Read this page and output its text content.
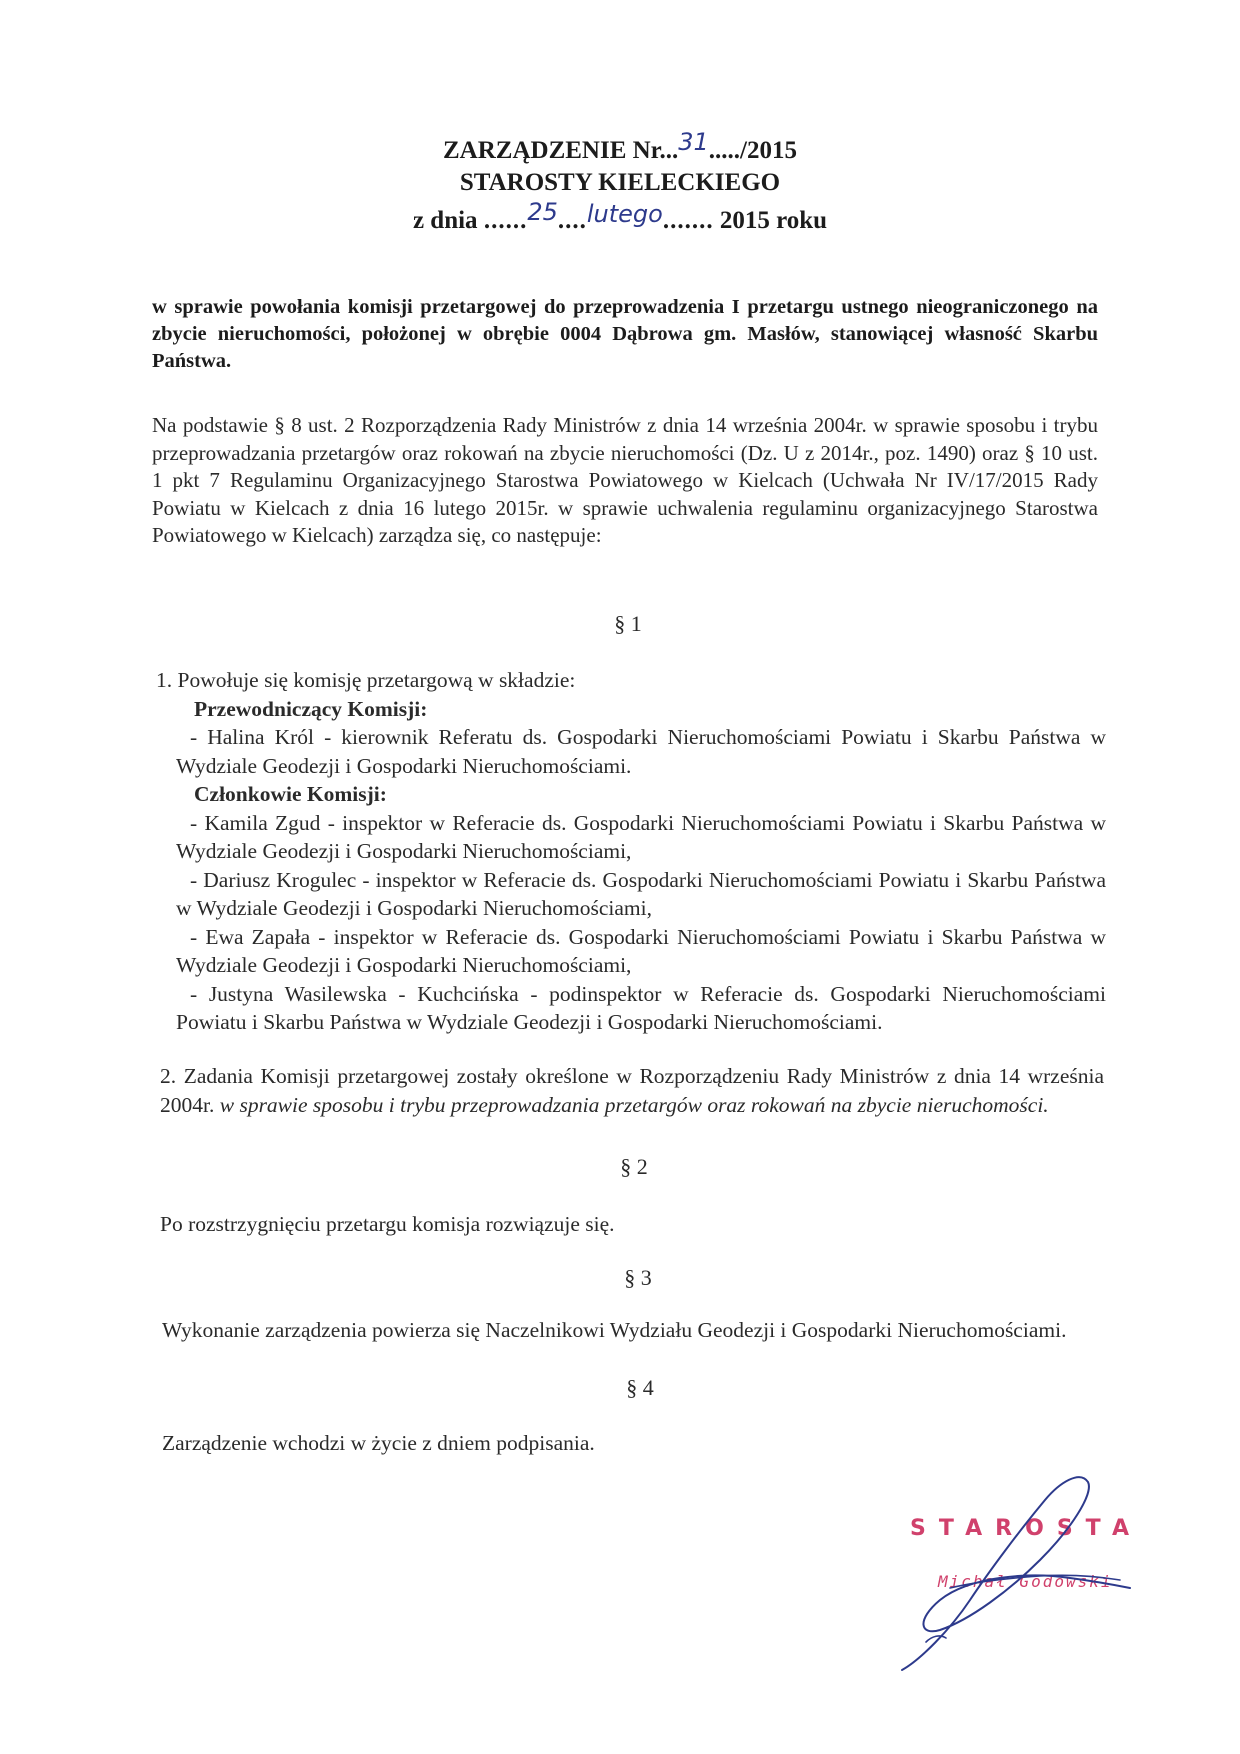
ZARZĄDZENIE Nr...31...../2015
STAROSTY KIELECKIEGO
z dnia ......25....lutego....... 2015 roku
w sprawie powołania komisji przetargowej do przeprowadzenia I przetargu ustnego nieograniczonego na zbycie nieruchomości, położonej w obrębie 0004 Dąbrowa gm. Masłów, stanowiącej własność Skarbu Państwa.
Na podstawie § 8 ust. 2 Rozporządzenia Rady Ministrów z dnia 14 września 2004r. w sprawie sposobu i trybu przeprowadzania przetargów oraz rokowań na zbycie nieruchomości (Dz. U z 2014r., poz. 1490) oraz § 10 ust. 1 pkt 7 Regulaminu Organizacyjnego Starostwa Powiatowego w Kielcach (Uchwała Nr IV/17/2015 Rady Powiatu w Kielcach z dnia 16 lutego 2015r. w sprawie uchwalenia regulaminu organizacyjnego Starostwa Powiatowego w Kielcach) zarządza się, co następuje:
§ 1
1. Powołuje się komisję przetargową w składzie:
Przewodniczący Komisji:
- Halina Król - kierownik Referatu ds. Gospodarki Nieruchomościami Powiatu i Skarbu Państwa w Wydziale Geodezji i Gospodarki Nieruchomościami.
Członkowie Komisji:
- Kamila Zgud - inspektor w Referacie ds. Gospodarki Nieruchomościami Powiatu i Skarbu Państwa w Wydziale Geodezji i Gospodarki Nieruchomościami,
- Dariusz Krogulec - inspektor w Referacie ds. Gospodarki Nieruchomościami Powiatu i Skarbu Państwa w Wydziale Geodezji i Gospodarki Nieruchomościami,
- Ewa Zapała - inspektor w Referacie ds. Gospodarki Nieruchomościami Powiatu i Skarbu Państwa w Wydziale Geodezji i Gospodarki Nieruchomościami,
- Justyna Wasilewska - Kuchcińska - podinspektor w Referacie ds. Gospodarki Nieruchomościami Powiatu i Skarbu Państwa w Wydziale Geodezji i Gospodarki Nieruchomościami.
2. Zadania Komisji przetargowej zostały określone w Rozporządzeniu Rady Ministrów z dnia 14 września 2004r. w sprawie sposobu i trybu przeprowadzania przetargów oraz rokowań na zbycie nieruchomości.
§ 2
Po rozstrzygnięciu przetargu komisja rozwiązuje się.
§ 3
Wykonanie zarządzenia powierza się Naczelnikowi Wydziału Geodezji i Gospodarki Nieruchomościami.
§ 4
Zarządzenie wchodzi w życie z dniem podpisania.
STAROSTA
Michał Godowski
